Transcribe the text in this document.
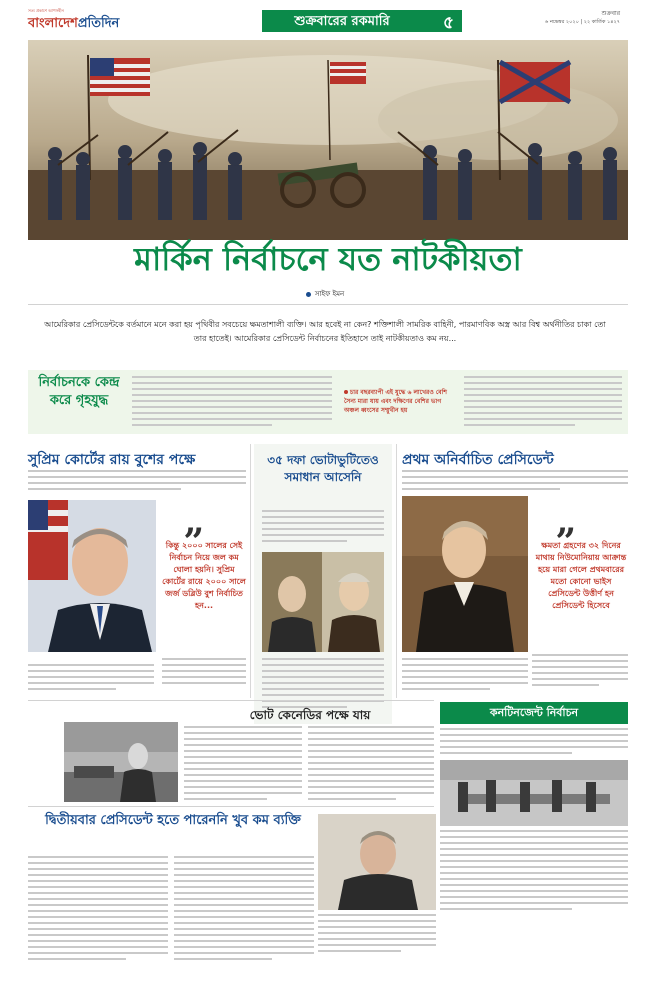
সত্য প্রকাশে আপসহীন
বাংলাদেশপ্রতিদিন	শুক্রবারের রকমারি	৫	শুক্রবার
৬ নভেম্বর ২০২০ | ২২ কার্তিক ১৪২৭
মার্কিন নির্বাচনে যত নাটকীয়তা
সাইফ ইমন
আমেরিকার প্রেসিডেন্টকে বর্তমানে মনে করা হয় পৃথিবীর সবচেয়ে ক্ষমতাশালী ব্যক্তি। আর হবেই না কেন? শক্তিশালী সামরিক বাহিনী, পারমাণবিক অস্ত্র আর বিশ্ব অর্থনীতির চাকা তো তার হাতেই। আমেরিকার প্রেসিডেন্ট নির্বাচনের ইতিহাসে তাই নাটকীয়তাও কম নয়...
নির্বাচনকে কেন্দ্র করে গৃহযুদ্ধ
চার বছরব্যাপী এই যুদ্ধে ৬ লাখেরও বেশি সৈন্য মারা যায় এবং দক্ষিণের বেশির ভাগ অঞ্চল ধ্বংসের সম্মুখীন হয়
সুপ্রিম কোর্টের রায় বুশের পক্ষে
„
কিন্তু ২০০০ সালের সেই নির্বাচন নিয়ে জল কম ঘোলা হয়নি। সুপ্রিম কোর্টের রায়ে ২০০০ সালে জর্জ ডব্লিউ বুশ নির্বাচিত হন...
৩৫ দফা ভোটাভুটিতেও সমাধান আসেনি
প্রথম অনির্বাচিত প্রেসিডেন্ট
„
ক্ষমতা গ্রহণের ৩২ দিনের মাথায় নিউমোনিয়ায় আক্রান্ত হয়ে মারা গেলে প্রথমবারের মতো কোনো ভাইস প্রেসিডেন্ট উত্তীর্ণ হন প্রেসিডেন্ট হিসেবে
ভোট কেনেডির পক্ষে যায়	কনটিনজেন্ট নির্বাচন
দ্বিতীয়বার প্রেসিডেন্ট হতে পারেননি খুব কম ব্যক্তি
